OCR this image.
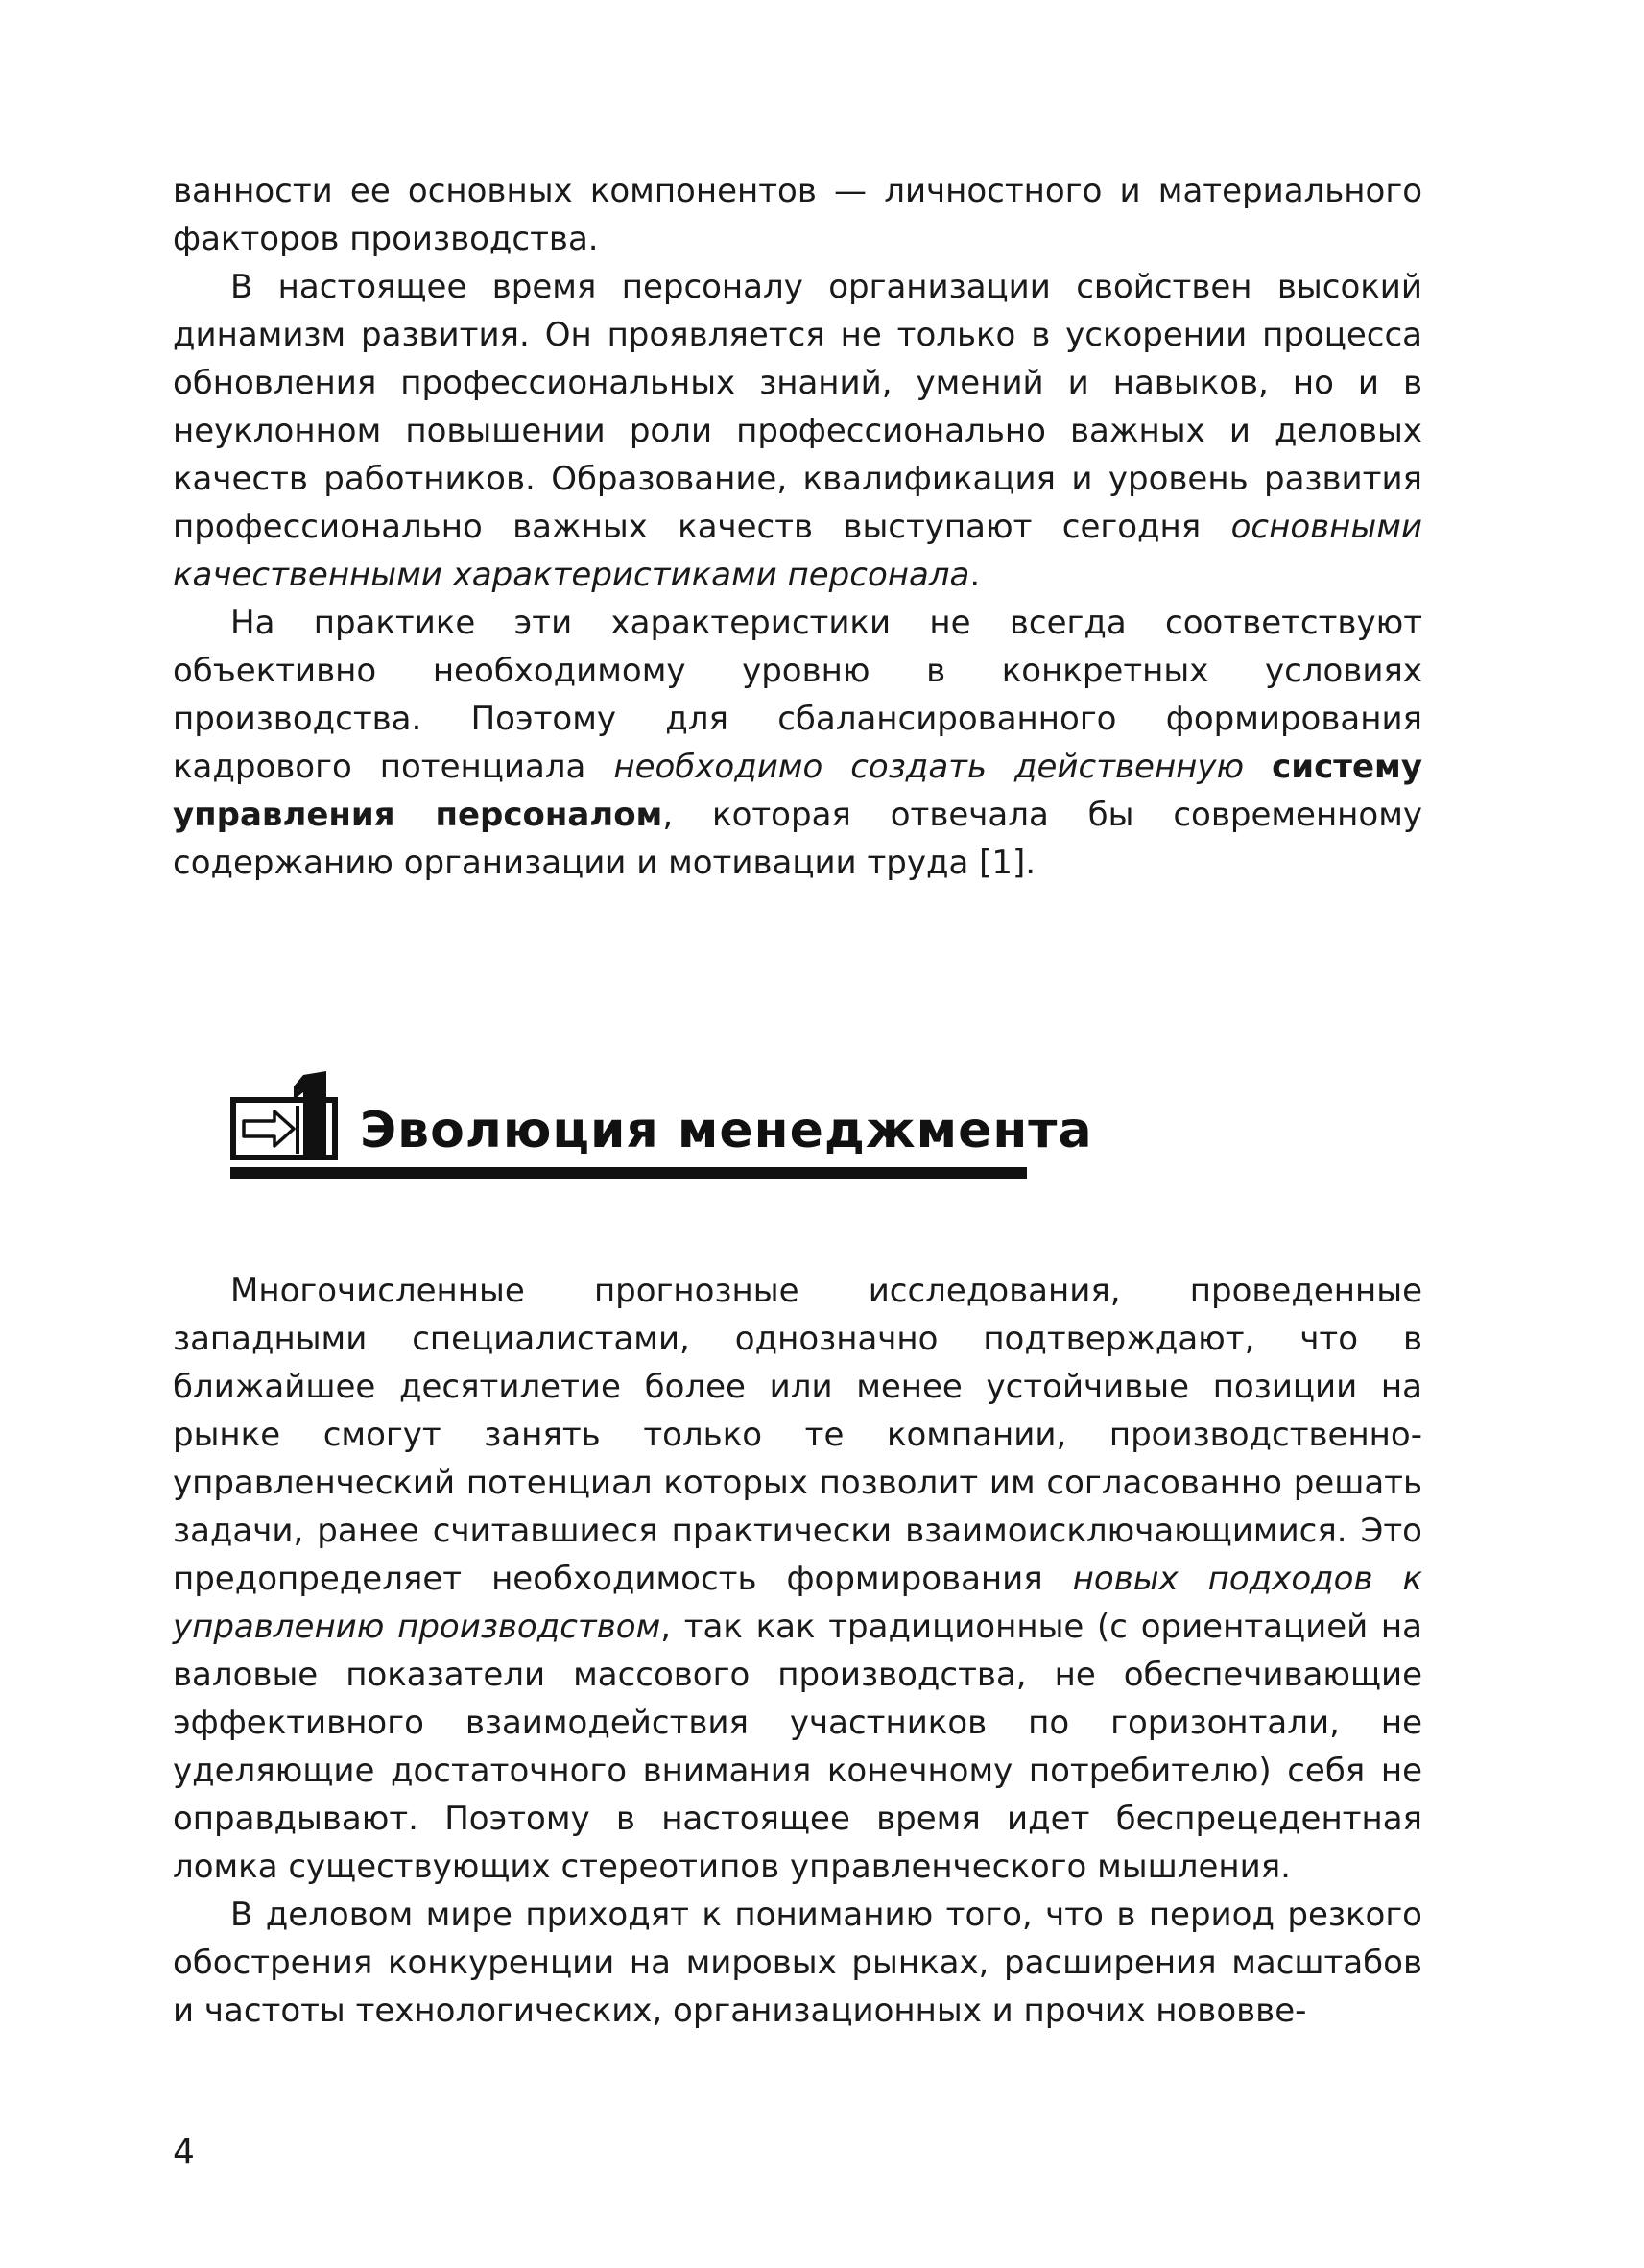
ванности ее основных компонентов — личностного и материального факторов производства.

В настоящее время персоналу организации свойствен высокий динамизм развития. Он проявляется не только в ускорении процесса обновления профессиональных знаний, умений и навыков, но и в неуклонном повышении роли профессионально важных и деловых качеств работников. Образование, квалификация и уровень развития профессионально важных качеств выступают сегодня основными качественными характеристиками персонала.

На практике эти характеристики не всегда соответствуют объективно необходимому уровню в конкретных условиях производства. Поэтому для сбалансированного формирования кадрового потенциала необходимо создать действенную систему управления персоналом, которая отвечала бы современному содержанию организации и мотивации труда [1].

Эволюция менеджмента

Многочисленные прогнозные исследования, проведенные западными специалистами, однозначно подтверждают, что в ближайшее десятилетие более или менее устойчивые позиции на рынке смогут занять только те компании, производственно-управленческий потенциал которых позволит им согласованно решать задачи, ранее считавшиеся практически взаимоисключающимися. Это предопределяет необходимость формирования новых подходов к управлению производством, так как традиционные (с ориентацией на валовые показатели массового производства, не обеспечивающие эффективного взаимодействия участников по горизонтали, не уделяющие достаточного внимания конечному потребителю) себя не оправдывают. Поэтому в настоящее время идет беспрецедентная ломка существующих стереотипов управленческого мышления.

В деловом мире приходят к пониманию того, что в период резкого обострения конкуренции на мировых рынках, расширения масштабов и частоты технологических, организационных и прочих нововве-

4
